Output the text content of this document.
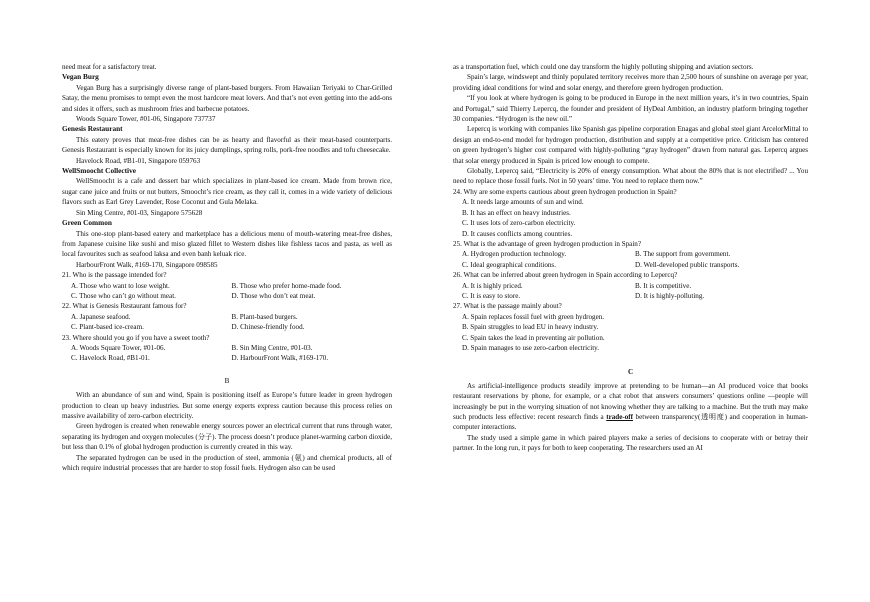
need meat for a satisfactory treat.

Vegan Burg

Vegan Burg has a surprisingly diverse range of plant-based burgers. From Hawaiian Teriyaki to Char-Grilled Satay, the menu promises to tempt even the most hardcore meat lovers. And that’s not even getting into the add-ons and sides it offers, such as mushroom fries and barbecue potatoes.

Woods Square Tower, #01-06, Singapore 737737

Genesis Restaurant

This eatery proves that meat-free dishes can be as hearty and flavorful as their meat-based counterparts. Genesis Restaurant is especially known for its juicy dumplings, spring rolls, pork-free noodles and tofu cheesecake.

Havelock Road, #B1-01, Singapore 059763

WellSmoocht Collective

WellSmoocht is a cafe and dessert bar which specializes in plant-based ice cream. Made from brown rice, sugar cane juice and fruits or nut butters, Smoocht’s rice cream, as they call it, comes in a wide variety of delicious flavors such as Earl Grey Lavender, Rose Coconut and Gula Melaka.

Sin Ming Centre, #01-03, Singapore 575628

Green Common

This one-stop plant-based eatery and marketplace has a delicious menu of mouth-watering meat-free dishes, from Japanese cuisine like sushi and miso glazed fillet to Western dishes like fishless tacos and pasta, as well as local favourites such as seafood laksa and even banh keluak rice.

HarbourFront Walk, #169-170, Singapore 098585

21. Who is the passage intended for?

A. Those who want to lose weight.	B. Those who prefer home-made food.
C. Those who can’t go without meat.	D. Those who don’t eat meat.

22. What is Genesis Restaurant famous for?

A. Japanese seafood.	B. Plant-based burgers.
C. Plant-based ice-cream.	D. Chinese-friendly food.

23. Where should you go if you have a sweet tooth?

A. Woods Square Tower, #01-06.	B. Sin Ming Centre, #01-03.
C. Havelock Road, #B1-01.	D. HarbourFront Walk, #169-170.

B

With an abundance of sun and wind, Spain is positioning itself as Europe’s future leader in green hydrogen production to clean up heavy industries. But some energy experts express caution because this process relies on massive availability of zero-carbon electricity.

Green hydrogen is created when renewable energy sources power an electrical current that runs through water, separating its hydrogen and oxygen molecules (分子). The process doesn’t produce planet-warming carbon dioxide, but less than 0.1% of global hydrogen production is currently created in this way.

The separated hydrogen can be used in the production of steel, ammonia (氨) and chemical products, all of which require industrial processes that are harder to stop fossil fuels. Hydrogen also can be used

as a transportation fuel, which could one day transform the highly polluting shipping and aviation sectors.

Spain’s large, windswept and thinly populated territory receives more than 2,500 hours of sunshine on average per year, providing ideal conditions for wind and solar energy, and therefore green hydrogen production.

“If you look at where hydrogen is going to be produced in Europe in the next million years, it’s in two countries, Spain and Portugal,” said Thierry Lepercq, the founder and president of HyDeal Ambition, an industry platform bringing together 30 companies. “Hydrogen is the new oil.”

Lepercq is working with companies like Spanish gas pipeline corporation Enagas and global steel giant ArcelorMittal to design an end-to-end model for hydrogen production, distribution and supply at a competitive price. Criticism has centered on green hydrogen’s higher cost compared with highly-polluting “gray hydrogen” drawn from natural gas. Lepercq argues that solar energy produced in Spain is priced low enough to compete.

Globally, Lepercq said, “Electricity is 20% of energy consumption. What about the 80% that is not electrified? ... You need to replace those fossil fuels. Not in 50 years’ time. You need to replace them now.”

24. Why are some experts cautious about green hydrogen production in Spain?

A. It needs large amounts of sun and wind.
B. It has an effect on heavy industries.
C. It uses lots of zero-carbon electricity.
D. It causes conflicts among countries.

25. What is the advantage of green hydrogen production in Spain?

A. Hydrogen production technology.	B. The support from government.
C. Ideal geographical conditions.	D. Well-developed public transports.

26. What can be inferred about green hydrogen in Spain according to Lepercq?

A. It is highly priced.	B. It is competitive.
C. It is easy to store.	D. It is highly-polluting.

27. What is the passage mainly about?

A. Spain replaces fossil fuel with green hydrogen.
B. Spain struggles to lead EU in heavy industry.
C. Spain takes the lead in preventing air pollution.
D. Spain manages to use zero-carbon electricity.

C

As artificial-intelligence products steadily improve at pretending to be human—an AI produced voice that books restaurant reservations by phone, for example, or a chat robot that answers consumers’ questions online —people will increasingly be put in the worrying situation of not knowing whether they are talking to a machine. But the truth may make such products less effective: recent research finds a trade-off between transparency(透明度) and cooperation in human-computer interactions.

The study used a simple game in which paired players make a series of decisions to cooperate with or betray their partner. In the long run, it pays for both to keep cooperating. The researchers used an AI
